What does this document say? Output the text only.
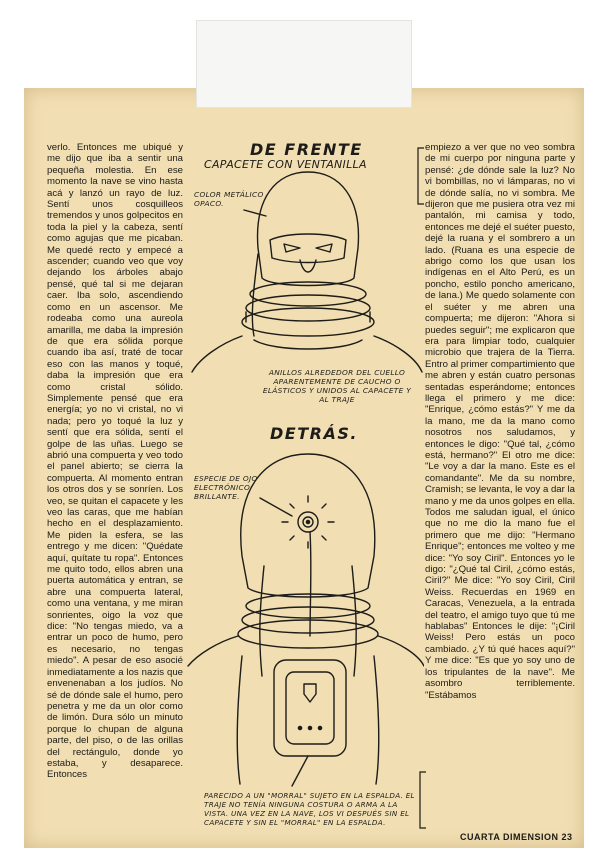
verlo. Entonces me ubiqué y me dijo que iba a sentir una pequeña molestia. En ese momento la nave se vino hasta acá y lanzó un rayo de luz. Sentí unos cosquilleos tremendos y unos golpecitos en toda la piel y la cabeza, sentí como agujas que me picaban. Me quedé recto y empecé a ascender; cuando veo que voy dejando los árboles abajo pensé, qué tal si me dejaran caer. Iba solo, ascendiendo como en un ascensor. Me rodeaba como una aureola amarilla, me daba la impresión de que era sólida porque cuando iba así, traté de tocar eso con las manos y toqué, daba la impresión que era como cristal sólido. Simplemente pensé que era energía; yo no vi cristal, no vi nada; pero yo toqué la luz y sentí que era sólida, sentí el golpe de las uñas. Luego se abrió una compuerta y veo todo el panel abierto; se cierra la compuerta. Al momento entran los otros dos y se sonríen. Los veo, se quitan el capacete y les veo las caras, que me habían hecho en el desplazamiento. Me piden la esfera, se las entrego y me dicen: "Quédate aquí, quítate tu ropa". Entonces me quito todo, ellos abren una puerta automática y entran, se abre una compuerta lateral, como una ventana, y me miran sonrientes, oigo la voz que dice: "No tengas miedo, va a entrar un poco de humo, pero es necesario, no tengas miedo". A pesar de eso asocié inmediatamente a los nazis que envenenaban a los judíos. No sé de dónde sale el humo, pero penetra y me da un olor como de limón. Dura sólo un minuto porque lo chupan de alguna parte, del piso, o de las orillas del rectángulo, donde yo estaba, y desaparece. Entonces

DE FRENTE
CAPACETE CON VENTANILLA
COLOR METÁLICO OPACO.
ANILLOS ALREDEDOR DEL CUELLO APARENTEMENTE DE CAUCHO O ELÁSTICOS Y UNIDOS AL CAPACETE Y AL TRAJE
DETRÁS.
ESPECIE DE OJO ELECTRÓNICO BRILLANTE.
PARECIDO A UN "MORRAL" SUJETO EN LA ESPALDA. EL TRAJE NO TENÍA NINGUNA COSTURA O ARMA A LA VISTA. UNA VEZ EN LA NAVE, LOS VI DESPUÉS SIN EL CAPACETE Y SIN EL "MORRAL" EN LA ESPALDA.

empiezo a ver que no veo sombra de mi cuerpo por ninguna parte y pensé: ¿de dónde sale la luz? No vi bombillas, no vi lámparas, no vi de dónde salía, no vi sombra. Me dijeron que me pusiera otra vez mi pantalón, mi camisa y todo, entonces me dejé el suéter puesto, dejé la ruana y el sombrero a un lado. (Ruana es una especie de abrigo como los que usan los indígenas en el Alto Perú, es un poncho, estilo poncho americano, de lana.) Me quedo solamente con el suéter y me abren una compuerta; me dijeron: "Ahora si puedes seguir"; me explicaron que era para limpiar todo, cualquier microbio que trajera de la Tierra. Entro al primer compartimiento que me abren y están cuatro personas sentadas esperándome; entonces llega el primero y me dice: "Enrique, ¿cómo estás?" Y me da la mano, me da la mano como nosotros nos saludamos, y entonces le digo: "Qué tal, ¿cómo está, hermano?" El otro me dice: "Le voy a dar la mano. Este es el comandante". Me da su nombre, Cramish; se levanta, le voy a dar la mano y me da unos golpes en ella. Todos me saludan igual, el único que no me dio la mano fue el primero que me dijo: "Hermano Enrique"; entonces me volteo y me dice: "Yo soy Ciril". Entonces yo le digo: "¿Qué tal Ciril, ¿cómo estás, Ciril?" Me dice: "Yo soy Ciril, Ciril Weiss. Recuerdas en 1969 en Caracas, Venezuela, a la entrada del teatro, el amigo tuyo que tú me hablabas" Entonces le dije: "¡Ciril Weiss! Pero estás un poco cambiado. ¿Y tú qué haces aquí?" Y me dice: "Es que yo soy uno de los tripulantes de la nave". Me asombro terriblemente. "Estábamos

CUARTA DIMENSION 23
